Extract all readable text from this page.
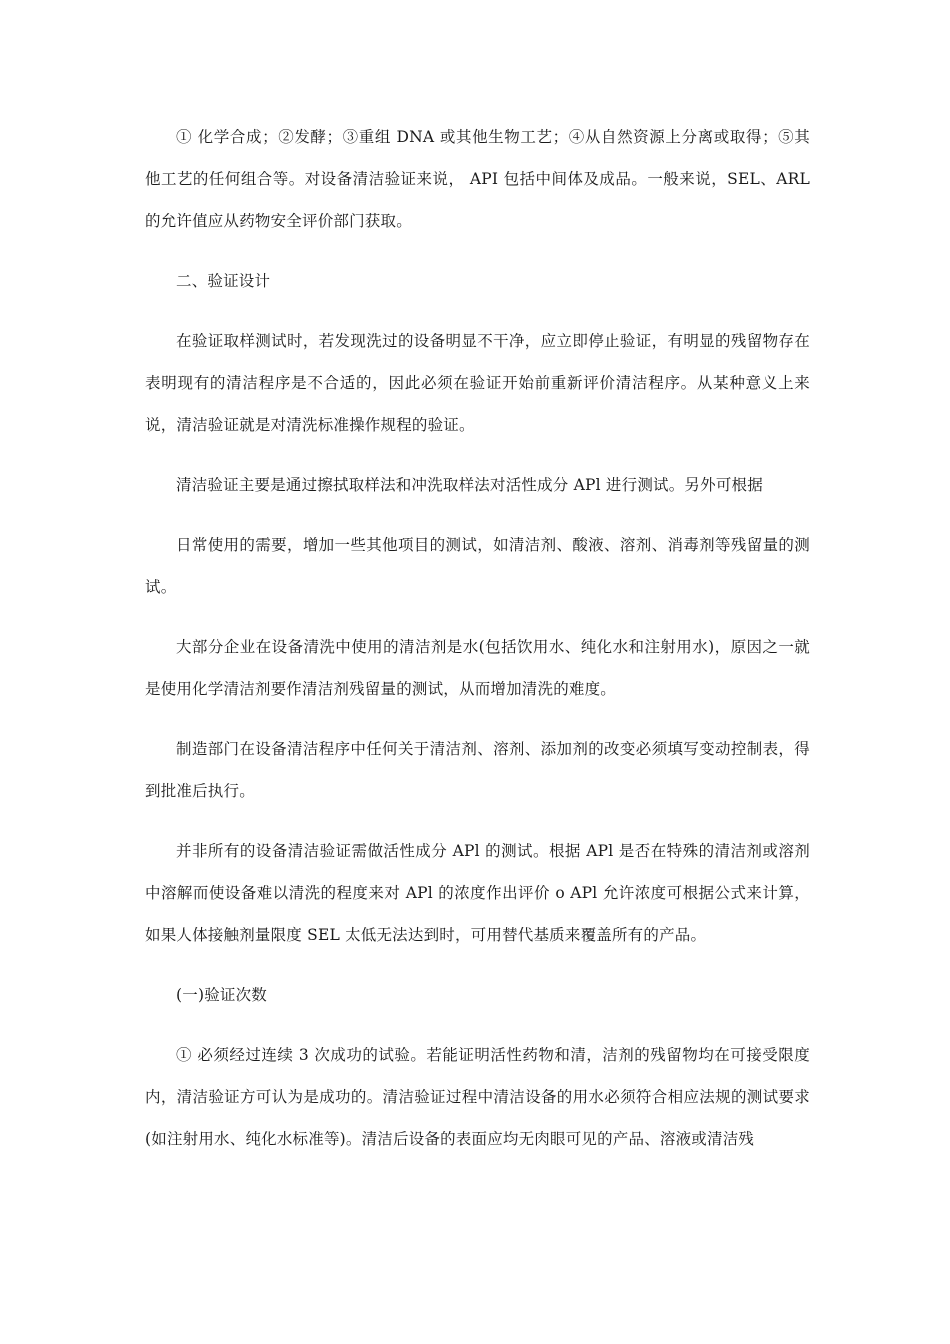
① 化学合成；②发酵；③重组 DNA 或其他生物工艺；④从自然资源上分离或取得；⑤其他工艺的任何组合等。对设备清洁验证来说， API 包括中间体及成品。一般来说，SEL、ARL 的允许值应从药物安全评价部门获取。

二、验证设计

在验证取样测试时，若发现洗过的设备明显不干净，应立即停止验证，有明显的残留物存在表明现有的清洁程序是不合适的，因此必须在验证开始前重新评价清洁程序。从某种意义上来说，清洁验证就是对清洗标准操作规程的验证。

清洁验证主要是通过擦拭取样法和冲洗取样法对活性成分 APl 进行测试。另外可根据

日常使用的需要，增加一些其他项目的测试，如清洁剂、酸液、溶剂、消毒剂等残留量的测试。

大部分企业在设备清洗中使用的清洁剂是水(包括饮用水、纯化水和注射用水)，原因之一就是使用化学清洁剂要作清洁剂残留量的测试，从而增加清洗的难度。

制造部门在设备清洁程序中任何关于清洁剂、溶剂、添加剂的改变必须填写变动控制表，得到批准后执行。

并非所有的设备清洁验证需做活性成分 APl 的测试。根据 APl 是否在特殊的清洁剂或溶剂中溶解而使设备难以清洗的程度来对 APl 的浓度作出评价 o APl 允许浓度可根据公式来计算，如果人体接触剂量限度 SEL 太低无法达到时，可用替代基质来覆盖所有的产品。

(一)验证次数

① 必须经过连续 3 次成功的试验。若能证明活性药物和清，洁剂的残留物均在可接受限度内，清洁验证方可认为是成功的。清洁验证过程中清洁设备的用水必须符合相应法规的测试要求(如注射用水、纯化水标准等)。清洁后设备的表面应均无肉眼可见的产品、溶液或清洁残
